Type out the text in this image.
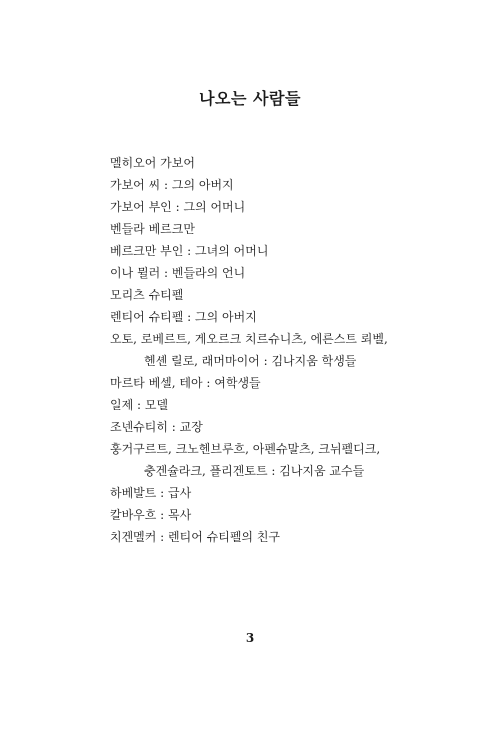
나오는 사람들
멜히오어 가보어
가보어 씨 : 그의 아버지
가보어 부인 : 그의 어머니
벤들라 베르크만
베르크만 부인 : 그녀의 어머니
이나 뮐러 : 벤들라의 언니
모리츠 슈티펠
렌티어 슈티펠 : 그의 아버지
오토, 로베르트, 게오르크 치르슈니츠, 에른스트 뢰벨, 헨셴 릴로, 래머마이어 : 김나지움 학생들
마르타 베셀, 테아 : 여학생들
일제 : 모델
조넨슈티히 : 교장
훙거구르트, 크노헨브루흐, 아펜슈말츠, 크뉘펠디크, 충겐슐라크, 플리겐토트 : 김나지움 교수들
하베발트 : 급사
칼바우흐 : 목사
치겐멜커 : 렌티어 슈티펠의 친구
3
